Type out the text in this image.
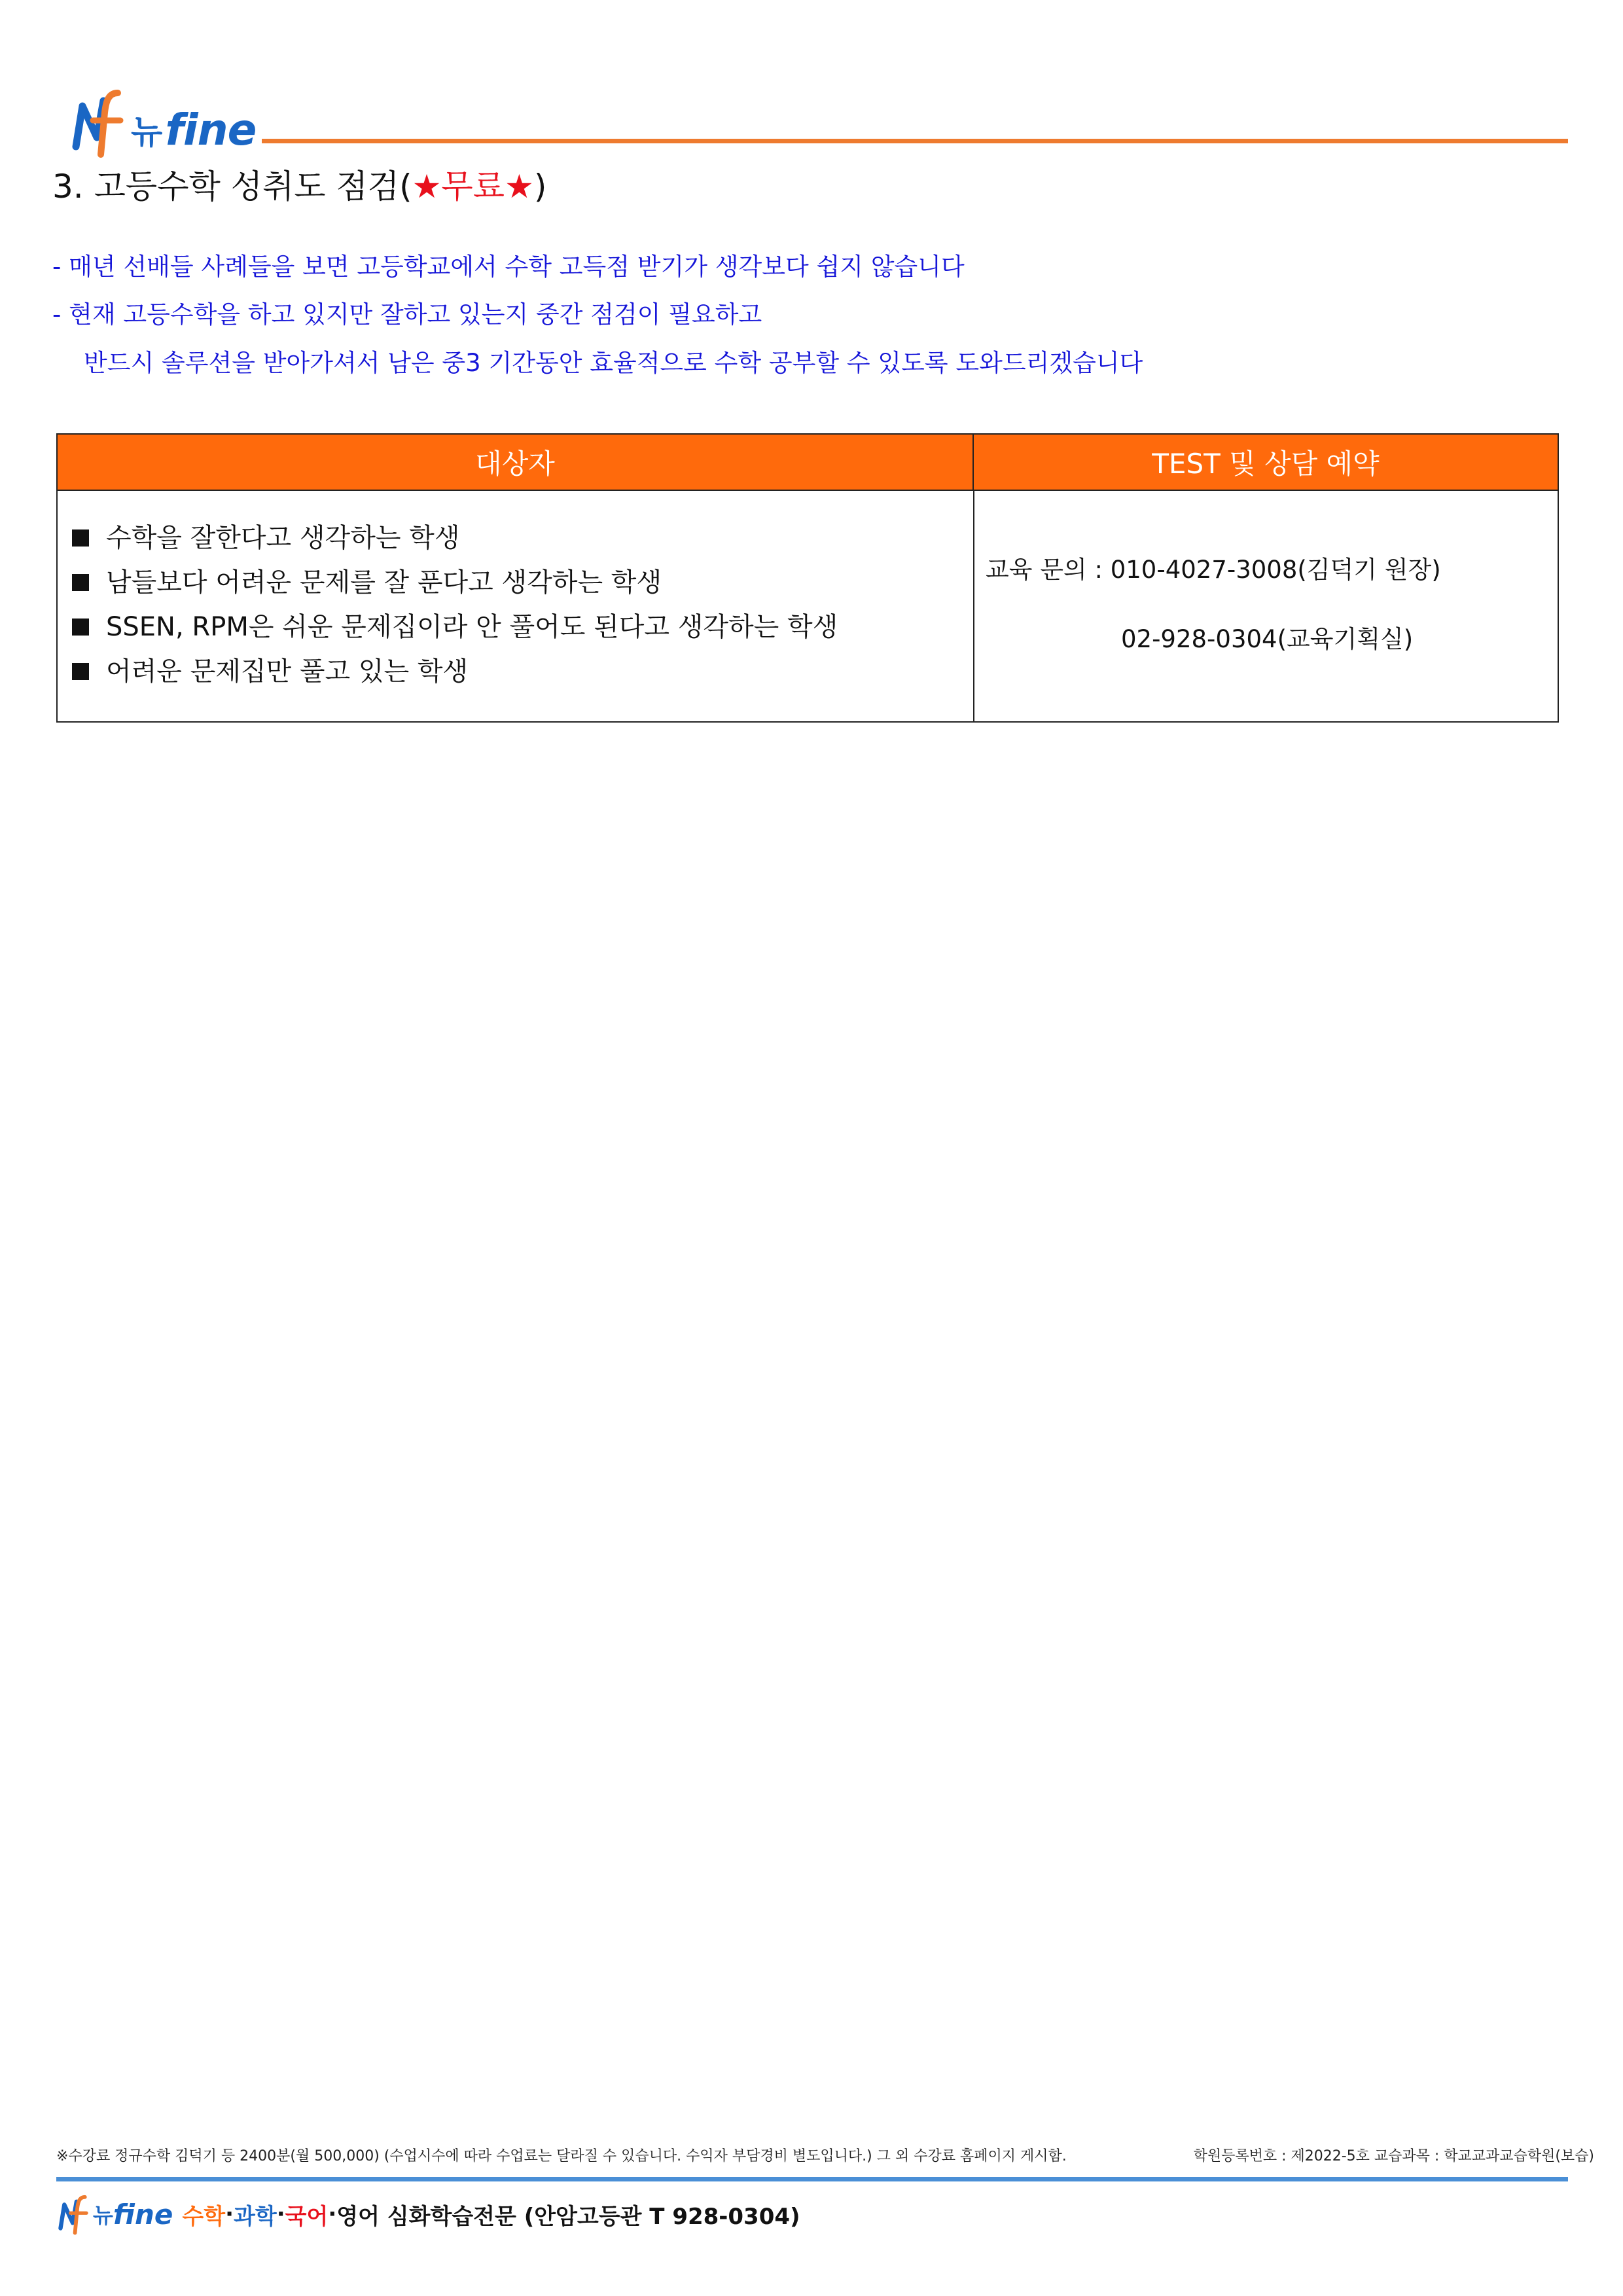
뉴 fine
3. 고등수학 성취도 점검(★무료★)
- 매년 선배들 사례들을 보면 고등학교에서 수학 고득점 받기가 생각보다 쉽지 않습니다
- 현재 고등수학을 하고 있지만 잘하고 있는지 중간 점검이 필요하고
반드시 솔루션을 받아가셔서 남은 중3 기간동안 효율적으로 수학 공부할 수 있도록 도와드리겠습니다
대상자	TEST 및 상담 예약
수학을 잘한다고 생각하는 학생
남들보다 어려운 문제를 잘 푼다고 생각하는 학생
SSEN, RPM은 쉬운 문제집이라 안 풀어도 된다고 생각하는 학생
어려운 문제집만 풀고 있는 학생
교육 문의 : 010-4027-3008(김덕기 원장)
02-928-0304(교육기획실)
※수강료 정규수학 김덕기 등 2400분(월 500,000) (수업시수에 따라 수업료는 달라질 수 있습니다. 수익자 부담경비 별도입니다.) 그 외 수강료 홈페이지 게시함.	학원등록번호 : 제2022-5호 교습과목 : 학교교과교습학원(보습)
뉴 fine 수학 · 과학 · 국어 · 영어 심화학습전문 (안암고등관 T 928-0304)
